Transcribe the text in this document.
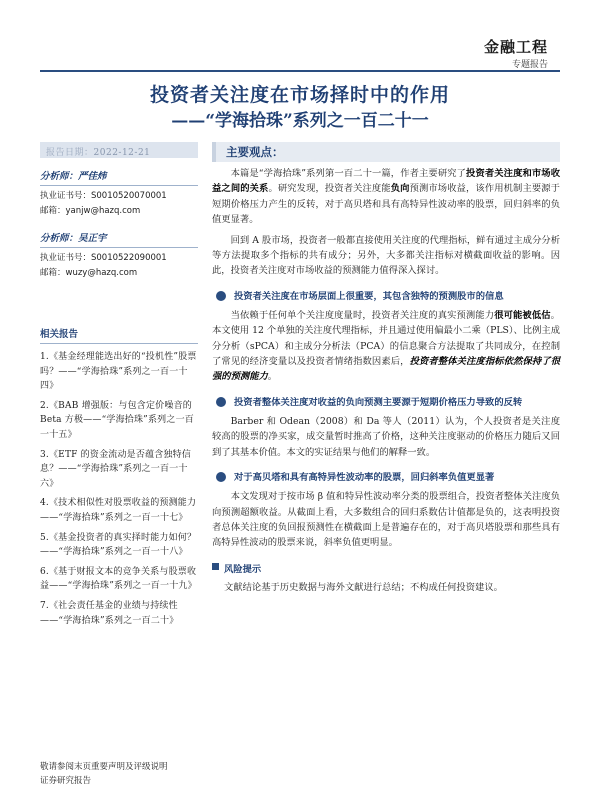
金融工程
专题报告
投资者关注度在市场择时中的作用
——“学海拾珠”系列之一百二十一
报告日期：2022-12-21
分析师：严佳炜
执业证书号：S0010520070001
邮箱：yanjw@hazq.com
分析师：吴正宇
执业证书号：S0010522090001
邮箱：wuzy@hazq.com
相关报告
1.《基金经理能选出好的“投机性”股票吗？——“学海拾珠”系列之一百一十四》
2.《BAB 增强版：与包含定价噪音的 Beta 方极——“学海拾珠”系列之一百一十五》
3.《ETF 的资金流动是否蕴含独特信息？——“学海拾珠”系列之一百一十六》
4.《技术相似性对股票收益的预测能力——“学海拾珠”系列之一百一十七》
5.《基金投资者的真实择时能力如何？——“学海拾珠”系列之一百一十八》
6.《基于财报文本的竞争关系与股票收益——“学海拾珠”系列之一百一十九》
7.《社会责任基金的业绩与持续性——“学海拾珠”系列之一百二十》
主要观点：

本篇是“学海拾珠”系列第一百二十一篇，作者主要研究了投资者关注度和市场收益之间的关系。研究发现，投资者关注度能负向预测市场收益，该作用机制主要源于短期价格压力产生的反转，对于高贝塔和具有高特异性波动率的股票，回归斜率的负值更显著。

回到 A 股市场，投资者一般都直接使用关注度的代理指标，鲜有通过主成分分析等方法提取多个指标的共有成分；另外，大多都关注指标对横截面收益的影响。因此，投资者关注度对市场收益的预测能力值得深入探讨。

投资者关注度在市场层面上很重要，其包含独特的预测股市的信息

当依赖于任何单个关注度度量时，投资者关注度的真实预测能力很可能被低估。本文使用 12 个单独的关注度代理指标，并且通过使用偏最小二乘（PLS）、比例主成分分析（sPCA）和主成分分析法（PCA）的信息聚合方法提取了共同成分，在控制了常见的经济变量以及投资者情绪指数因素后，投资者整体关注度指标依然保持了很强的预测能力。

投资者整体关注度对收益的负向预测主要源于短期价格压力导致的反转

Barber 和 Odean（2008）和 Da 等人（2011）认为，个人投资者是关注度较高的股票的净买家，成交量暂时推高了价格，这种关注度驱动的价格压力随后又回到了其基本价值。本文的实证结果与他们的解释一致。

对于高贝塔和具有高特异性波动率的股票，回归斜率负值更显著

本文发现对于按市场 β 值和特异性波动率分类的股票组合，投资者整体关注度负向预测超额收益。从截面上看，大多数组合的回归系数估计值都是负的，这表明投资者总体关注度的负回报预测性在横截面上是普遍存在的，对于高贝塔股票和那些具有高特异性波动的股票来说，斜率负值更明显。

风险提示
文献结论基于历史数据与海外文献进行总结；不构成任何投资建议。
敬请参阅末页重要声明及评级说明
证券研究报告
